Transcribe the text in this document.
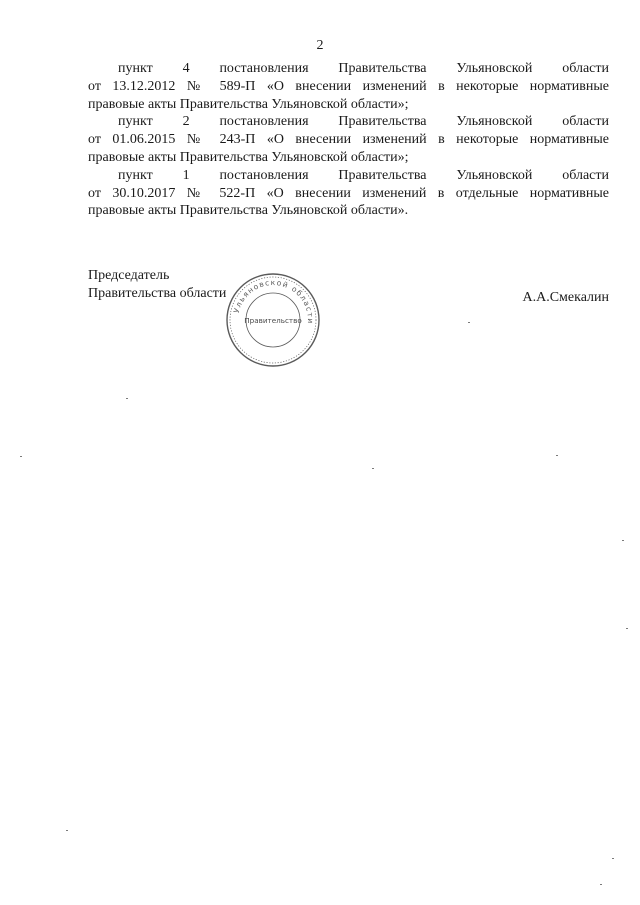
2

пункт 4 постановления Правительства Ульяновской области
от 13.12.2012 № 589-П «О внесении изменений в некоторые нормативные
правовые акты Правительства Ульяновской области»;

пункт 2 постановления Правительства Ульяновской области
от 01.06.2015 № 243-П «О внесении изменений в некоторые нормативные
правовые акты Правительства Ульяновской области»;

пункт 1 постановления Правительства Ульяновской области
от 30.10.2017 № 522-П «О внесении изменений в отдельные нормативные
правовые акты Правительства Ульяновской области».

Председатель
Правительства области	А.А.Смекалин
Ульяновской области
Правительство
